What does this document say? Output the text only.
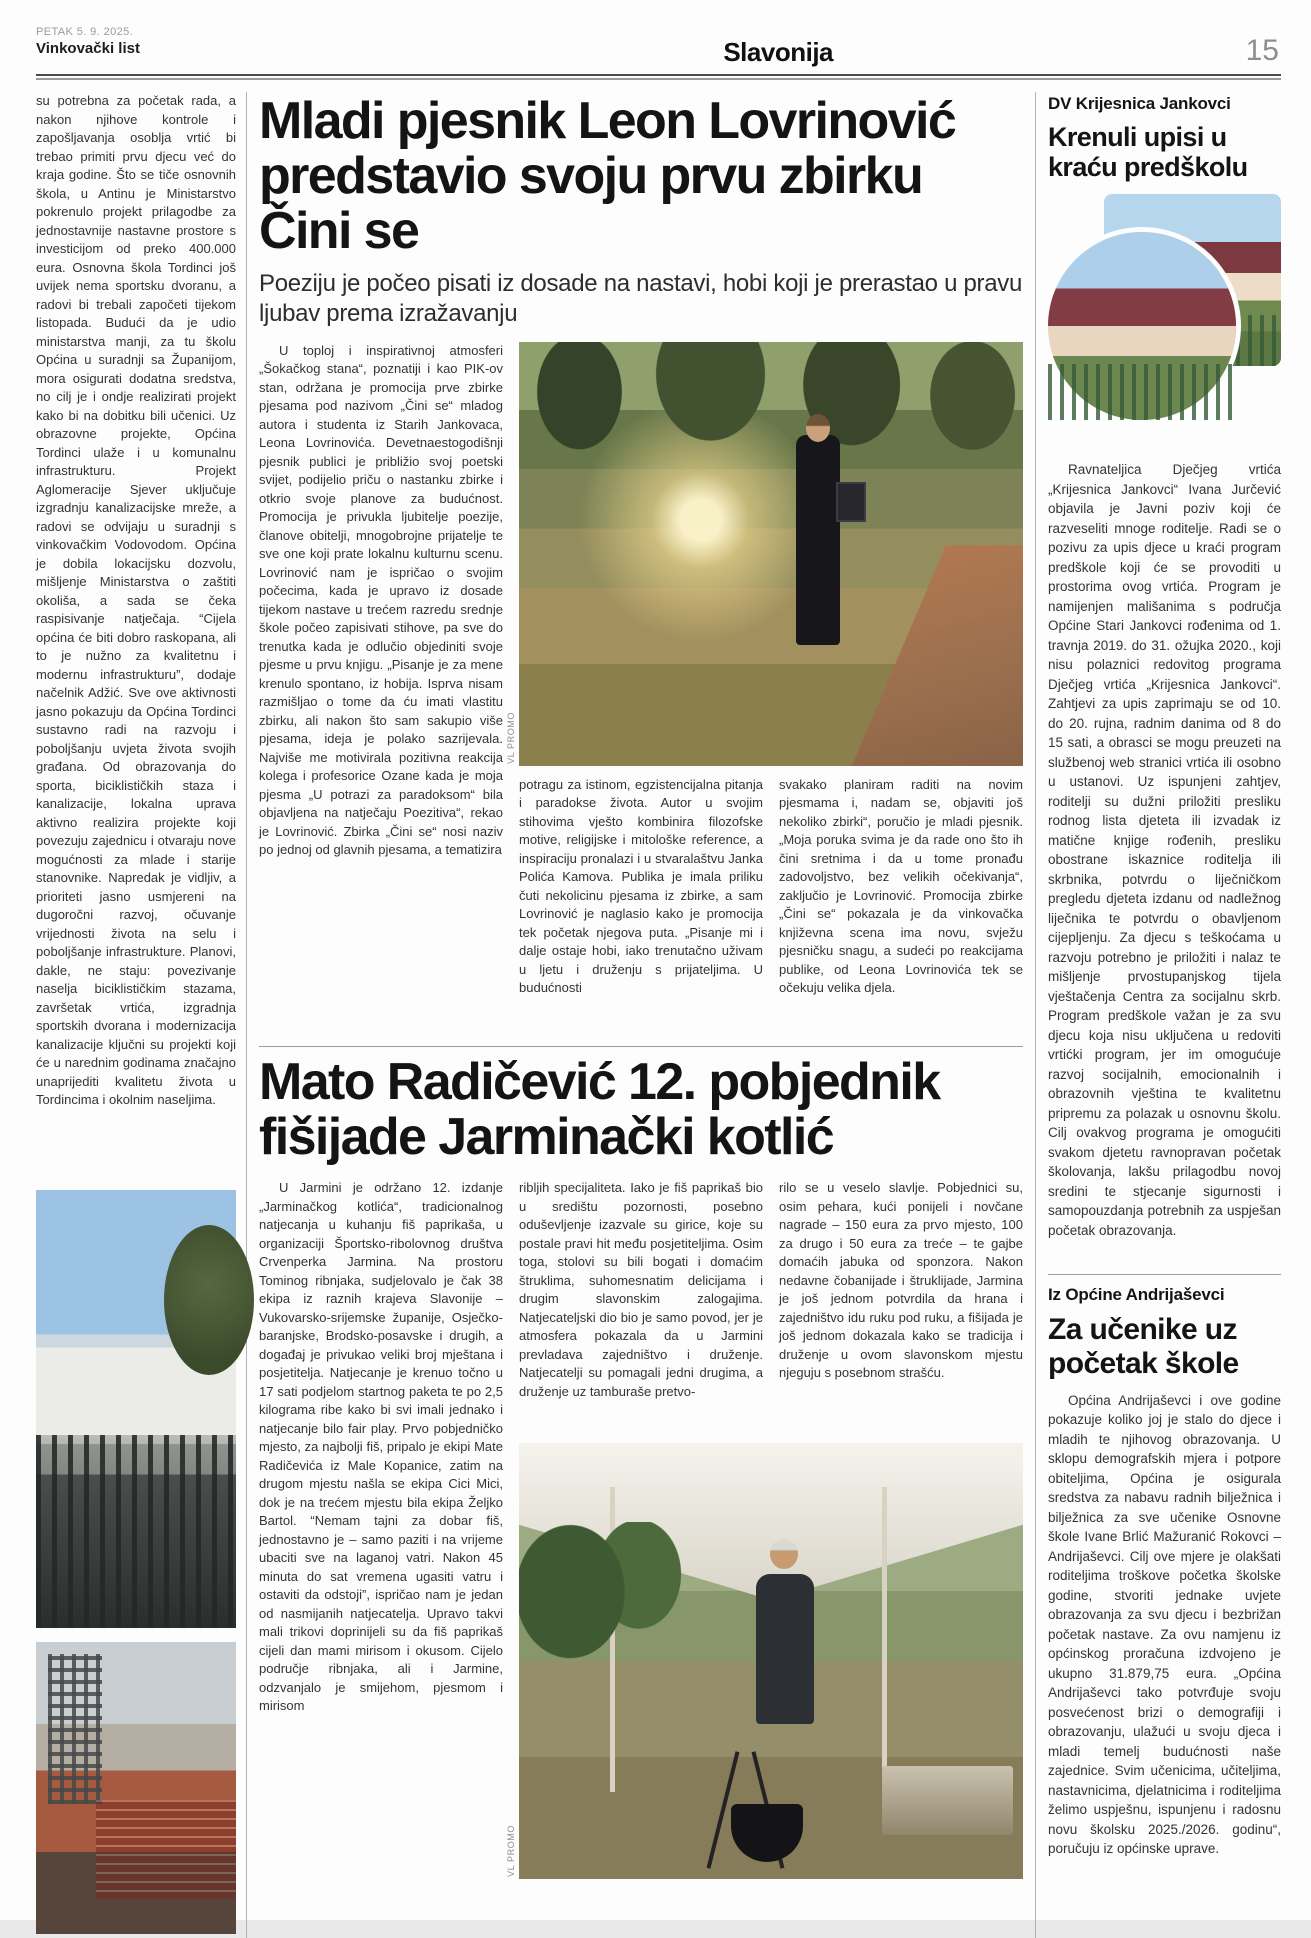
PETAK 5. 9. 2025.
Vinkovački list	Slavonija	15
su potrebna za početak rada, a nakon njihove kontrole i zapošljavanja osoblja vrtić bi trebao primiti prvu djecu već do kraja godine. Što se tiče osnovnih škola, u Antinu je Ministarstvo pokrenulo projekt prilagodbe za jednostavnije nastavne prostore s investicijom od preko 400.000 eura. Osnovna škola Tordinci još uvijek nema sportsku dvoranu, a radovi bi trebali započeti tijekom listopada. Budući da je udio ministarstva manji, za tu školu Općina u suradnji sa Županijom, mora osigurati dodatna sredstva, no cilj je i ondje realizirati projekt kako bi na dobitku bili učenici. Uz obrazovne projekte, Općina Tordinci ulaže i u komunalnu infrastrukturu. Projekt Aglomeracije Sjever uključuje izgradnju kanalizacijske mreže, a radovi se odvijaju u suradnji s vinkovačkim Vodovodom. Općina je dobila lokacijsku dozvolu, mišljenje Ministarstva o zaštiti okoliša, a sada se čeka raspisivanje natječaja. “Cijela općina će biti dobro raskopana, ali to je nužno za kvalitetnu i modernu infrastrukturu”, dodaje načelnik Adžić. Sve ove aktivnosti jasno pokazuju da Općina Tordinci sustavno radi na razvoju i poboljšanju uvjeta života svojih građana. Od obrazovanja do sporta, biciklističkih staza i kanalizacije, lokalna uprava aktivno realizira projekte koji povezuju zajednicu i otvaraju nove mogućnosti za mlade i starije stanovnike. Napredak je vidljiv, a prioriteti jasno usmjereni na dugoročni razvoj, očuvanje vrijednosti života na selu i poboljšanje infrastrukture. Planovi, dakle, ne staju: povezivanje naselja biciklističkim stazama, završetak vrtića, izgradnja sportskih dvorana i modernizacija kanalizacije ključni su projekti koji će u narednim godinama značajno unaprijediti kvalitetu života u Tordincima i okolnim naseljima.
Mladi pjesnik Leon Lovrinović predstavio svoju prvu zbirku Čini se

Poeziju je počeo pisati iz dosade na nastavi, hobi koji je prerastao u pravu ljubav prema izražavanju

U toploj i inspirativnoj atmosferi „Šokačkog stana“, poznatiji i kao PIK-ov stan, održana je promocija prve zbirke pjesama pod nazivom „Čini se“ mladog autora i studenta iz Starih Jankovaca, Leona Lovrinovića. Devetnaestogodišnji pjesnik publici je približio svoj poetski svijet, podijelio priču o nastanku zbirke i otkrio svoje planove za budućnost. Promocija je privukla ljubitelje poezije, članove obitelji, mnogobrojne prijatelje te sve one koji prate lokalnu kulturnu scenu. Lovrinović nam je ispričao o svojim počecima, kada je upravo iz dosade tijekom nastave u trećem razredu srednje škole počeo zapisivati stihove, pa sve do trenutka kada je odlučio objediniti svoje pjesme u prvu knjigu. „Pisanje je za mene krenulo spontano, iz hobija. Isprva nisam razmišljao o tome da ću imati vlastitu zbirku, ali nakon što sam sakupio više pjesama, ideja je polako sazrijevala. Najviše me motivirala pozitivna reakcija kolega i profesorice Ozane kada je moja pjesma „U potrazi za paradoksom“ bila objavljena na natječaju Poezitiva“, rekao je Lovrinović. Zbirka „Čini se“ nosi naziv po jednoj od glavnih pjesama, a tematizira
VL PROMO
potragu za istinom, egzistencijalna pitanja i paradokse života. Autor u svojim stihovima vješto kombinira filozofske motive, religijske i mitološke reference, a inspiraciju pronalazi i u stvaralaštvu Janka Polića Kamova. Publika je imala priliku čuti nekolicinu pjesama iz zbirke, a sam Lovrinović je naglasio kako je promocija tek početak njegova puta. „Pisanje mi i dalje ostaje hobi, iako trenutačno uživam u ljetu i druženju s prijateljima. U budućnosti
svakako planiram raditi na novim pjesmama i, nadam se, objaviti još nekoliko zbirki“, poručio je mladi pjesnik. „Moja poruka svima je da rade ono što ih čini sretnima i da u tome pronađu zadovoljstvo, bez velikih očekivanja“, zaključio je Lovrinović. Promocija zbirke „Čini se“ pokazala je da vinkovačka književna scena ima novu, svježu pjesničku snagu, a sudeći po reakcijama publike, od Leona Lovrinovića tek se očekuju velika djela.
Mato Radičević 12. pobjednik fišijade Jarminački kotlić
U Jarmini je održano 12. izdanje „Jarminačkog kotlića“, tradicionalnog natjecanja u kuhanju fiš paprikaša, u organizaciji Športsko-ribolovnog društva Crvenperka Jarmina. Na prostoru Tominog ribnjaka, sudjelovalo je čak 38 ekipa iz raznih krajeva Slavonije – Vukovarsko-srijemske županije, Osječko-baranjske, Brodsko-posavske i drugih, a događaj je privukao veliki broj mještana i posjetitelja. Natjecanje je krenuo točno u 17 sati podjelom startnog paketa te po 2,5 kilograma ribe kako bi svi imali jednako i natjecanje bilo fair play. Prvo pobjedničko mjesto, za najbolji fiš, pripalo je ekipi Mate Radičevića iz Male Kopanice, zatim na drugom mjestu našla se ekipa Cici Mici, dok je na trećem mjestu bila ekipa Željko Bartol. “Nemam tajni za dobar fiš, jednostavno je – samo paziti i na vrijeme ubaciti sve na laganoj vatri. Nakon 45 minuta do sat vremena ugasiti vatru i ostaviti da odstoji”, ispričao nam je jedan od nasmijanih natjecatelja. Upravo takvi mali trikovi doprinijeli su da fiš paprikaš cijeli dan mami mirisom i okusom. Cijelo područje ribnjaka, ali i Jarmine, odzvanjalo je smijehom, pjesmom i mirisom
ribljih specijaliteta. Iako je fiš paprikaš bio u središtu pozornosti, posebno oduševljenje izazvale su girice, koje su postale pravi hit među posjetiteljima. Osim toga, stolovi su bili bogati i domaćim štruklima, suhomesnatim delicijama i drugim slavonskim zalogajima. Natjecateljski dio bio je samo povod, jer je atmosfera pokazala da u Jarmini prevladava zajedništvo i druženje. Natjecatelji su pomagali jedni drugima, a druženje uz tamburaše pretvo-
rilo se u veselo slavlje. Pobjednici su, osim pehara, kući ponijeli i novčane nagrade – 150 eura za prvo mjesto, 100 za drugo i 50 eura za treće – te gajbe domaćih jabuka od sponzora. Nakon nedavne čobanijade i štruklijade, Jarmina je još jednom potvrdila da hrana i zajedništvo idu ruku pod ruku, a fišijada je još jednom dokazala kako se tradicija i druženje u ovom slavonskom mjestu njeguju s posebnom strašću.
VL PROMO
DV Krijesnica Jankovci
Krenuli upisi u kraću predškolu
Ravnateljica Dječjeg vrtića „Krijesnica Jankovci“ Ivana Jurčević objavila je Javni poziv koji će razveseliti mnoge roditelje. Radi se o pozivu za upis djece u kraći program predškole koji će se provoditi u prostorima ovog vrtića. Program je namijenjen mališanima s područja Općine Stari Jankovci rođenima od 1. travnja 2019. do 31. ožujka 2020., koji nisu polaznici redovitog programa Dječjeg vrtića „Krijesnica Jankovci“. Zahtjevi za upis zaprimaju se od 10. do 20. rujna, radnim danima od 8 do 15 sati, a obrasci se mogu preuzeti na službenoj web stranici vrtića ili osobno u ustanovi. Uz ispunjeni zahtjev, roditelji su dužni priložiti presliku rodnog lista djeteta ili izvadak iz matične knjige rođenih, presliku obostrane iskaznice roditelja ili skrbnika, potvrdu o liječničkom pregledu djeteta izdanu od nadležnog liječnika te potvrdu o obavljenom cijepljenju. Za djecu s teškoćama u razvoju potrebno je priložiti i nalaz te mišljenje prvostupanjskog tijela vještačenja Centra za socijalnu skrb. Program predškole važan je za svu djecu koja nisu uključena u redoviti vrtićki program, jer im omogućuje razvoj socijalnih, emocionalnih i obrazovnih vještina te kvalitetnu pripremu za polazak u osnovnu školu. Cilj ovakvog programa je omogućiti svakom djetetu ravnopravan početak školovanja, lakšu prilagodbu novoj sredini te stjecanje sigurnosti i samopouzdanja potrebnih za uspješan početak obrazovanja.
Iz Općine Andrijaševci
Za učenike uz početak škole
Općina Andrijaševci i ove godine pokazuje koliko joj je stalo do djece i mladih te njihovog obrazovanja. U sklopu demografskih mjera i potpore obiteljima, Općina je osigurala sredstva za nabavu radnih bilježnica i bilježnica za sve učenike Osnovne škole Ivane Brlić Mažuranić Rokovci – Andrijaševci. Cilj ove mjere je olakšati roditeljima troškove početka školske godine, stvoriti jednake uvjete obrazovanja za svu djecu i bezbrižan početak nastave. Za ovu namjenu iz općinskog proračuna izdvojeno je ukupno 31.879,75 eura. „Općina Andrijaševci tako potvrđuje svoju posvećenost brizi o demografiji i obrazovanju, ulažući u svoju djeca i mladi temelj budućnosti naše zajednice. Svim učenicima, učiteljima, nastavnicima, djelatnicima i roditeljima želimo uspješnu, ispunjenu i radosnu novu školsku 2025./2026. godinu“, poručuju iz općinske uprave.
